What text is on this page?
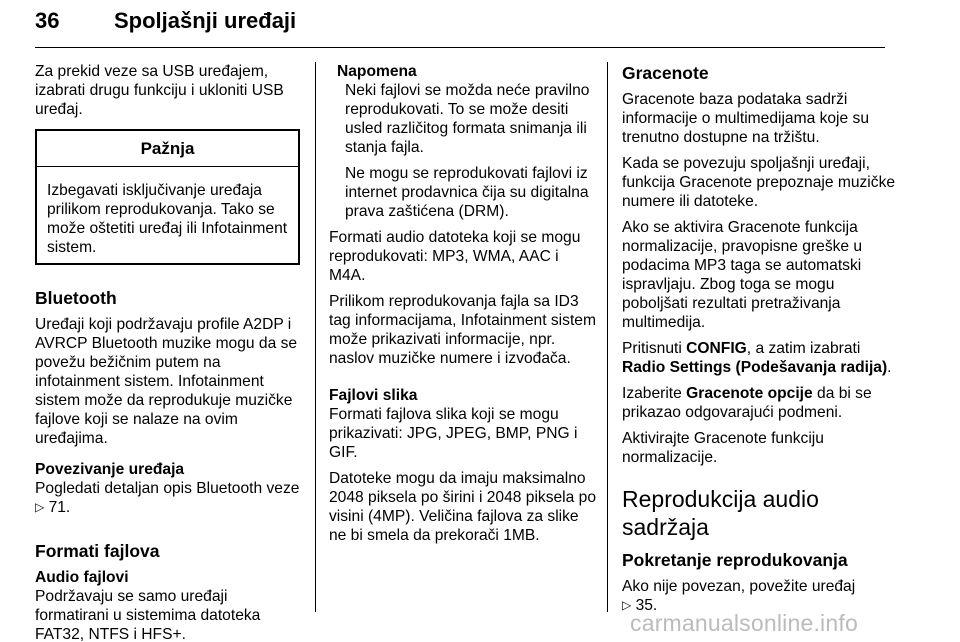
36 Spoljašnji uređaji

Za prekid veze sa USB uređajem, izabrati drugu funkciju i ukloniti USB uređaj.

Pažnja
Izbegavati isključivanje uređaja prilikom reprodukovanja. Tako se može oštetiti uređaj ili Infotainment sistem.
Bluetooth

Uređaji koji podržavaju profile A2DP i AVRCP Bluetooth muzike mogu da se povežu bežičnim putem na infotainment sistem. Infotainment sistem može da reprodukuje muzičke fajlove koji se nalaze na ovim uređajima.

Povezivanje uređaja

Pogledati detaljan opis Bluetooth veze ▷ 71.

Formati fajlova
Audio fajlovi

Podržavaju se samo uređaji formatirani u sistemima datoteka FAT32, NTFS i HFS+.

Napomena

Neki fajlovi se možda neće pravilno reprodukovati. To se može desiti usled različitog formata snimanja ili stanja fajla.

Ne mogu se reprodukovati fajlovi iz internet prodavnica čija su digitalna prava zaštićena (DRM).

Formati audio datoteka koji se mogu reprodukovati: MP3, WMA, AAC i M4A.

Prilikom reprodukovanja fajla sa ID3 tag informacijama, Infotainment sistem može prikazivati informacije, npr. naslov muzičke numere i izvođača.

Fajlovi slika

Formati fajlova slika koji se mogu prikazivati: JPG, JPEG, BMP, PNG i GIF.

Datoteke mogu da imaju maksimalno 2048 piksela po širini i 2048 piksela po visini (4MP). Veličina fajlova za slike ne bi smela da prekorači 1MB.

Gracenote

Gracenote baza podataka sadrži informacije o multimedijama koje su trenutno dostupne na tržištu.

Kada se povezuju spoljašnji uređaji, funkcija Gracenote prepoznaje muzičke numere ili datoteke.

Ako se aktivira Gracenote funkcija normalizacije, pravopisne greške u podacima MP3 taga se automatski ispravljaju. Zbog toga se mogu poboljšati rezultati pretraživanja multimedija.

Pritisnuti CONFIG, a zatim izabrati Radio Settings (Podešavanja radija).

Izaberite Gracenote opcije da bi se prikazao odgovarajući podmeni.

Aktivirajte Gracenote funkciju normalizacije.

Reprodukcija audio sadržaja
Pokretanje reprodukovanja

Ako nije povezan, povežite uređaj
▷ 35.

carmanualsonline.info
